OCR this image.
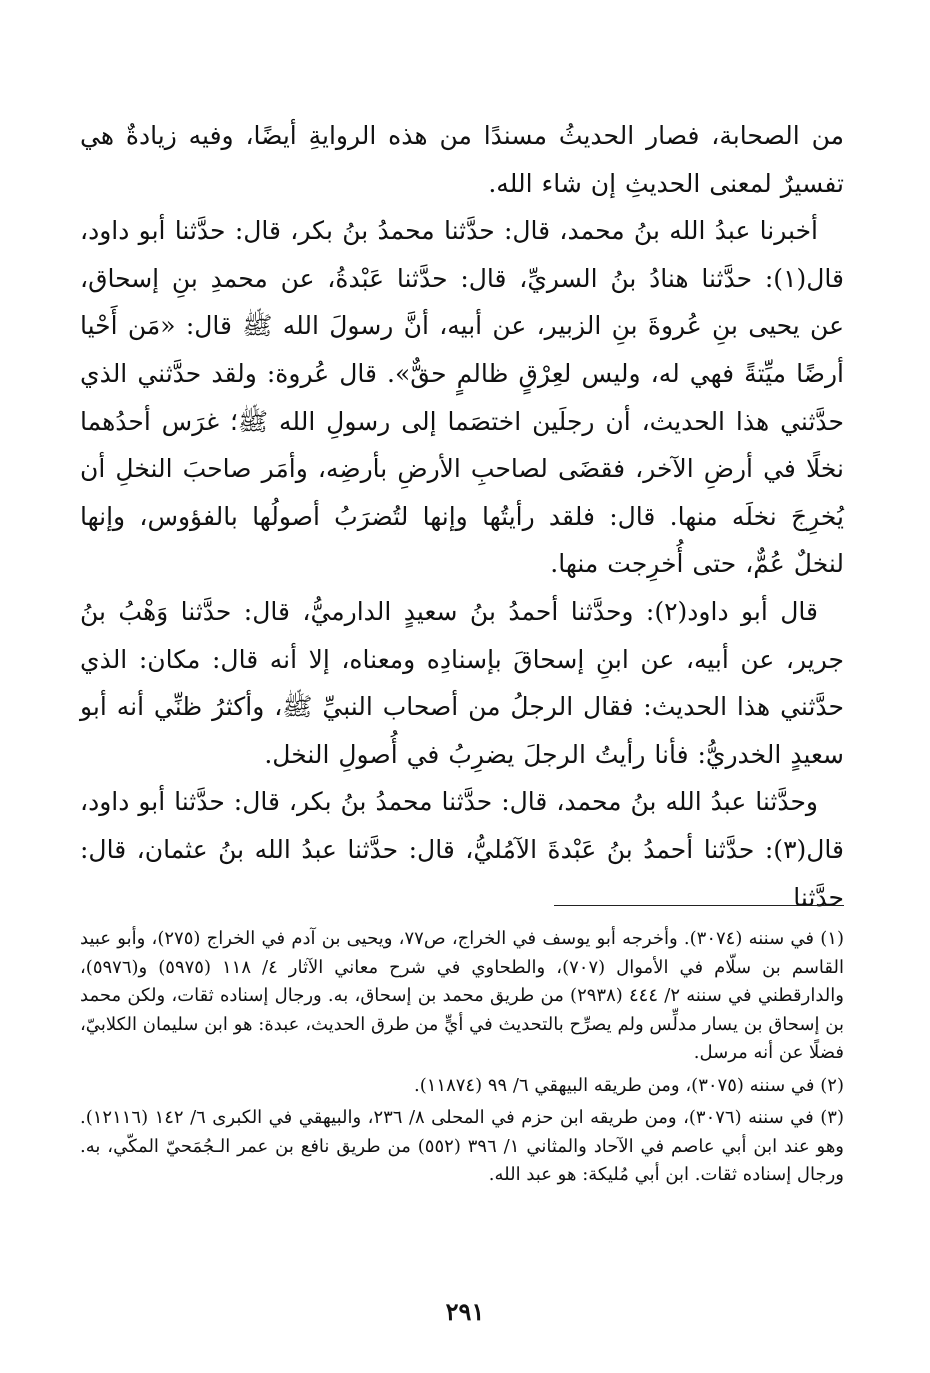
من الصحابة، فصار الحديثُ مسندًا من هذه الروايةِ أيضًا، وفيه زيادةٌ هي تفسيرٌ لمعنى الحديثِ إن شاء الله.

أخبرنا عبدُ الله بنُ محمد، قال: حدَّثنا محمدُ بنُ بكر، قال: حدَّثنا أبو داود، قال(١): حدَّثنا هنادُ بنُ السريِّ، قال: حدَّثنا عَبْدةُ، عن محمدِ بنِ إسحاق، عن يحيى بنِ عُروةَ بنِ الزبير، عن أبيه، أنَّ رسولَ الله ﷺ قال: «مَن أَحْيا أرضًا ميِّتةً فهي له، وليس لعِرْقٍ ظالمٍ حقٌّ». قال عُروة: ولقد حدَّثني الذي حدَّثني هذا الحديث، أن رجلَين اختصَما إلى رسولِ الله ﷺ؛ غرَس أحدُهما نخلًا في أرضِ الآخر، فقضَى لصاحبِ الأرضِ بأرضِه، وأمَر صاحبَ النخلِ أن يُخرِجَ نخلَه منها. قال: فلقد رأيتُها وإنها لتُضرَبُ أصولُها بالفؤوس، وإنها لنخلٌ عُمٌّ، حتى أُخرِجت منها.

قال أبو داود(٢): وحدَّثنا أحمدُ بنُ سعيدٍ الدارميُّ، قال: حدَّثنا وَهْبُ بنُ جرير، عن أبيه، عن ابنِ إسحاقَ بإسنادِه ومعناه، إلا أنه قال: مكان: الذي حدَّثني هذا الحديث: فقال الرجلُ من أصحاب النبيِّ ﷺ، وأكثرُ ظنِّي أنه أبو سعيدٍ الخدريُّ: فأنا رأيتُ الرجلَ يضرِبُ في أُصولِ النخل.

وحدَّثنا عبدُ الله بنُ محمد، قال: حدَّثنا محمدُ بنُ بكر، قال: حدَّثنا أبو داود، قال(٣): حدَّثنا أحمدُ بنُ عَبْدةَ الآمُليُّ، قال: حدَّثنا عبدُ الله بنُ عثمان، قال: حدَّثنا

(١) في سننه (٣٠٧٤). وأخرجه أبو يوسف في الخراج، ص٧٧، ويحيى بن آدم في الخراج (٢٧٥)، وأبو عبيد القاسم بن سلّام في الأموال (٧٠٧)، والطحاوي في شرح معاني الآثار ٤/ ١١٨ (٥٩٧٥) و(٥٩٧٦)، والدارقطني في سننه ٢/ ٤٤٤ (٢٩٣٨) من طريق محمد بن إسحاق، به. ورجال إسناده ثقات، ولكن محمد بن إسحاق بن يسار مدلِّس ولم يصرِّح بالتحديث في أيٍّ من طرق الحديث، عبدة: هو ابن سليمان الكلابيّ، فضلًا عن أنه مرسل.

(٢) في سننه (٣٠٧٥)، ومن طريقه البيهقي ٦/ ٩٩ (١١٨٧٤).

(٣) في سننه (٣٠٧٦)، ومن طريقه ابن حزم في المحلى ٨/ ٢٣٦، والبيهقي في الكبرى ٦/ ١٤٢ (١٢١١٦). وهو عند ابن أبي عاصم في الآحاد والمثاني ١/ ٣٩٦ (٥٥٢) من طريق نافع بن عمر الـجُمَحيّ المكّي، به. ورجال إسناده ثقات. ابن أبي مُليكة: هو عبد الله.

٢٩١
